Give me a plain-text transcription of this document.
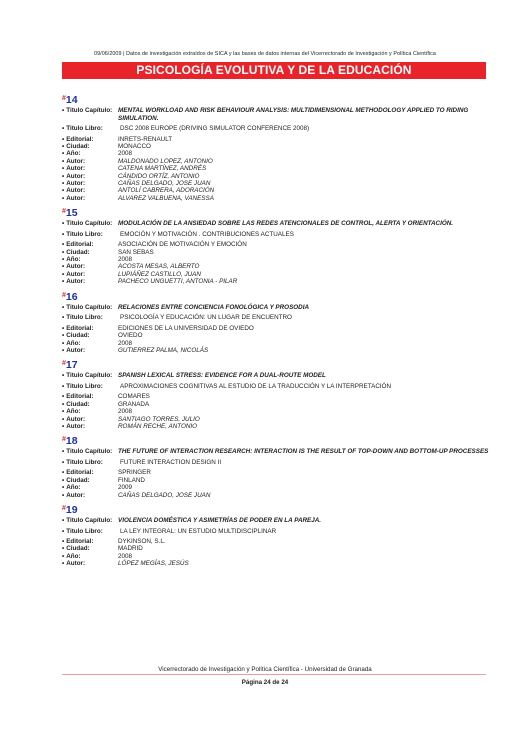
09/06/2009 | Datos de investigación extraídos de SICA y las bases de datos internas del Vicerrectorado de Investigación y Política Científica
PSICOLOGÍA EVOLUTIVA Y DE LA EDUCACIÓN
#14
• Titulo Capítulo: MENTAL WORKLOAD AND RISK BEHAVIOUR ANALYSIS: MULTIDIMENSIONAL METHODOLOGY APPLIED TO RIDING SIMULATION.
• Titulo Libro:	DSC 2008 EUROPE (DRIVING SIMULATOR CONFERENCE 2008)
• Editorial:	INRETS-RENAULT
• Ciudad:	MONACCO
• Año:	2008
• Autor:	MALDONADO LOPEZ, ANTONIO
• Autor:	CATENA MARTÍNEZ, ANDRÉS
• Autor:	CÁNDIDO ORTÍZ, ANTONIO
• Autor:	CAÑAS DELGADO, JOSE JUAN
• Autor:	ANTOLÍ CABRERA, ADORACIÓN
• Autor:	ALVAREZ VALBUENA, VANESSA
#15
• Titulo Capítulo: MODULACIÓN DE LA ANSIEDAD SOBRE LAS REDES ATENCIONALES DE CONTROL, ALERTA Y ORIENTACIÓN.
• Titulo Libro:	EMOCIÓN Y MOTIVACIÓN . CONTRIBUCIONES ACTUALES
• Editorial:	ASOCIACIÓN DE MOTIVACIÓN Y EMOCIÓN
• Ciudad:	SAN SEBAS
• Año:	2008
• Autor:	ACOSTA MESAS, ALBERTO
• Autor:	LUPIÁÑEZ CASTILLO, JUAN
• Autor:	PACHECO UNGUETTI, ANTONIA - PILAR
#16
• Titulo Capítulo: RELACIONES ENTRE CONCIENCIA FONOLÓGICA Y PROSODIA
• Titulo Libro:	PSICOLOGÍA Y EDUCACIÓN: UN LUGAR DE ENCUENTRO
• Editorial:	EDICIONES DE LA UNIVERSIDAD DE OVIEDO
• Ciudad:	OVIEDO
• Año:	2008
• Autor:	GUTIERREZ PALMA, NICOLÁS
#17
• Titulo Capítulo: SPANISH LEXICAL STRESS: EVIDENCE FOR A DUAL-ROUTE MODEL
• Titulo Libro:	APROXIMACIONES COGNITIVAS AL ESTUDIO DE LA TRADUCCIÓN Y LA INTERPRETACIÓN
• Editorial:	COMARES
• Ciudad:	GRANADA
• Año:	2008
• Autor:	SANTIAGO TORRES, JULIO
• Autor:	ROMÁN RECHE, ANTONIO
#18
• Titulo Capítulo: THE FUTURE OF INTERACTION RESEARCH: INTERACTION IS THE RESULT OF TOP-DOWN AND BOTTOM-UP PROCESSES
• Titulo Libro:	FUTURE INTERACTION DESIGN II
• Editorial:	SPRINGER
• Ciudad:	FINLAND
• Año:	2009
• Autor:	CAÑAS DELGADO, JOSE JUAN
#19
• Titulo Capítulo: VIOLENCIA DOMÉSTICA Y ASIMETRÍAS DE PODER EN LA PAREJA.
• Titulo Libro:	LA LEY INTEGRAL: UN ESTUDIO MULTIDISCIPLINAR
• Editorial:	DYKINSON, S.L.
• Ciudad:	MADRID
• Año:	2008
• Autor:	LÓPEZ MEGÍAS, JESÚS
Vicerrectorado de Investigación y Política Científica - Universidad de Granada
Página 24 de 24
